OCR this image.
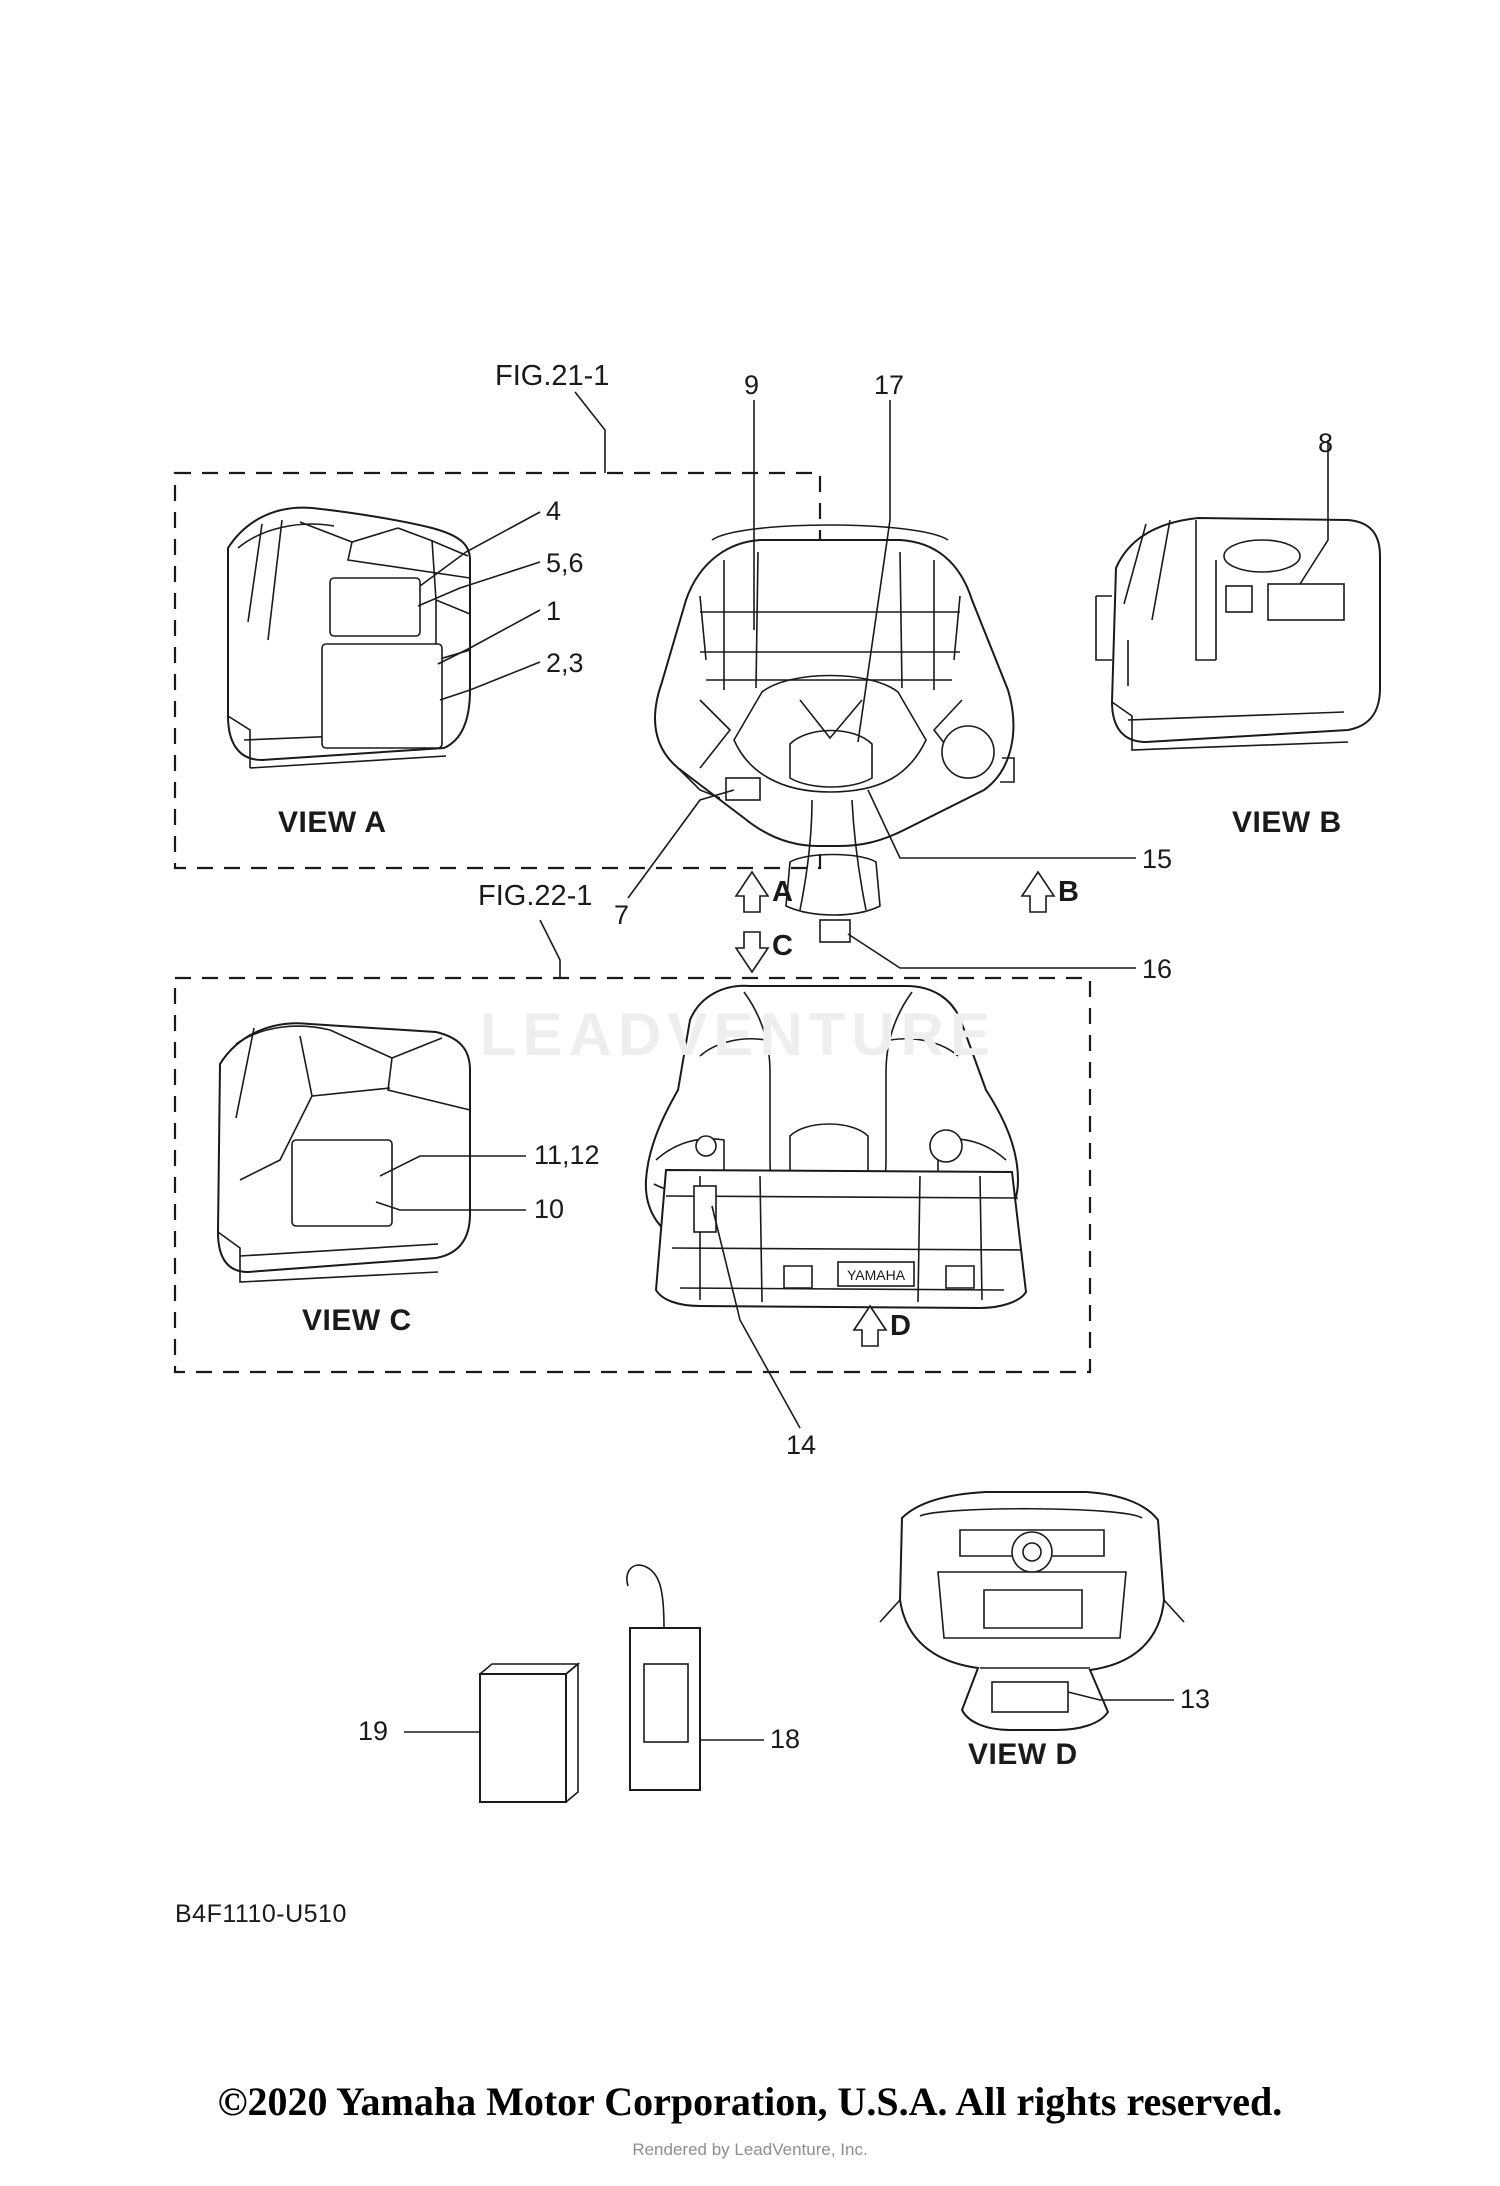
YAMAHA
LEADVENTURE
FIG.21-1
FIG.22-1
VIEW A	VIEW B
VIEW C
VIEW D
A	B
C
D
4
5,6
1
2,3
9	17
8
15
16
7
11,12
10
14
19	18
13
B4F1110-U510
©2020 Yamaha Motor Corporation, U.S.A. All rights reserved.
Rendered by LeadVenture, Inc.
